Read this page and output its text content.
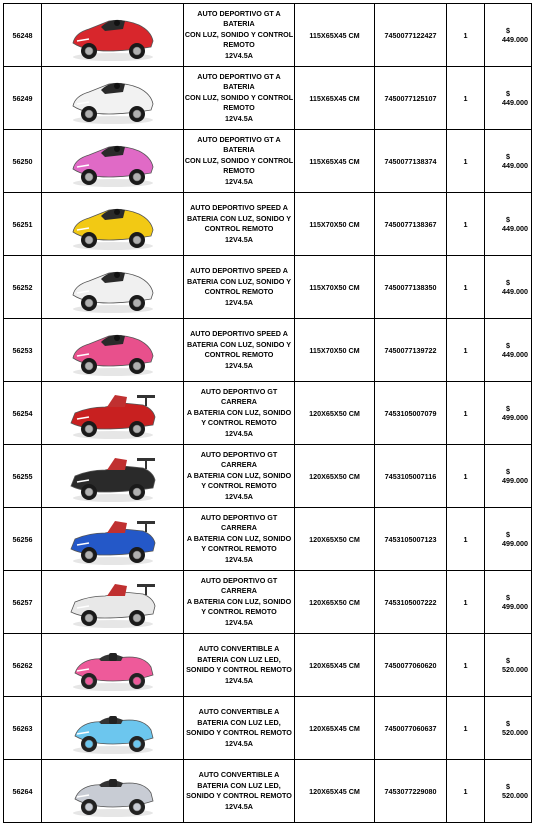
56248		AUTO DEPORTIVO GT A
BATERIA
CON LUZ, SONIDO Y CONTROL
REMOTO
12V4.5A	115X65X45 CM	7450077122427	1	$449.000
56249		AUTO DEPORTIVO GT A
BATERIA
CON LUZ, SONIDO Y CONTROL
REMOTO
12V4.5A	115X65X45 CM	7450077125107	1	$449.000
56250		AUTO DEPORTIVO GT A
BATERIA
CON LUZ, SONIDO Y CONTROL
REMOTO
12V4.5A	115X65X45 CM	7450077138374	1	$449.000
56251		AUTO DEPORTIVO SPEED A
BATERIA CON LUZ, SONIDO Y
CONTROL REMOTO
12V4.5A	115X70X50 CM	7450077138367	1	$449.000
56252		AUTO DEPORTIVO SPEED A
BATERIA CON LUZ, SONIDO Y
CONTROL REMOTO
12V4.5A	115X70X50 CM	7450077138350	1	$449.000
56253		AUTO DEPORTIVO SPEED A
BATERIA CON LUZ, SONIDO Y
CONTROL REMOTO
12V4.5A	115X70X50 CM	7450077139722	1	$449.000
56254		AUTO DEPORTIVO GT
CARRERA
A BATERIA CON LUZ, SONIDO
Y CONTROL REMOTO
12V4.5A	120X65X50 CM	7453105007079	1	$499.000
56255		AUTO DEPORTIVO GT
CARRERA
A BATERIA CON LUZ, SONIDO
Y CONTROL REMOTO
12V4.5A	120X65X50 CM	7453105007116	1	$499.000
56256		AUTO DEPORTIVO GT
CARRERA
A BATERIA CON LUZ, SONIDO
Y CONTROL REMOTO
12V4.5A	120X65X50 CM	7453105007123	1	$499.000
56257		AUTO DEPORTIVO GT
CARRERA
A BATERIA CON LUZ, SONIDO
Y CONTROL REMOTO
12V4.5A	120X65X50 CM	7453105007222	1	$499.000
56262		AUTO CONVERTIBLE A
BATERIA CON LUZ LED,
SONIDO Y CONTROL REMOTO
12V4.5A	120X65X45 CM	7450077060620	1	$520.000
56263		AUTO CONVERTIBLE A
BATERIA CON LUZ LED,
SONIDO Y CONTROL REMOTO
12V4.5A	120X65X45 CM	7450077060637	1	$520.000
56264		AUTO CONVERTIBLE A
BATERIA CON LUZ LED,
SONIDO Y CONTROL REMOTO
12V4.5A	120X65X45 CM	7453077229080	1	$520.000
